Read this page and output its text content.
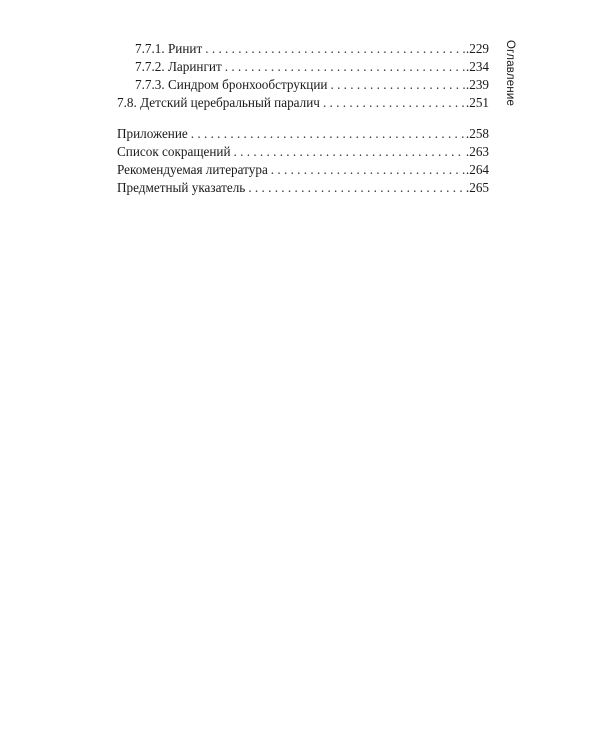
7.7.1. Ринит . . .	.229
7.7.2. Ларингит . . .	.234
7.7.3. Синдром бронхообструкции . . .	.239
7.8. Детский церебральный паралич . . .	.251
Приложение . . .	.258
Список сокращений . . .	.263
Рекомендуемая литература . . .	.264
Предметный указатель . . .	.265
Оглавление
